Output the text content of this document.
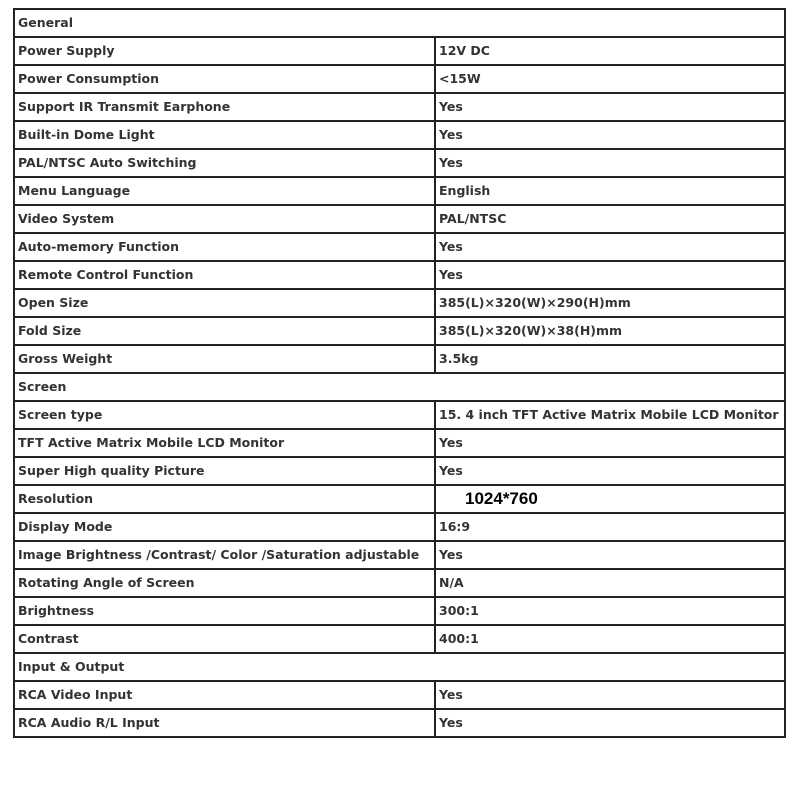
General	
Power Supply	12V DC
Power Consumption	<15W
Support IR Transmit Earphone	Yes
Built-in Dome Light	Yes
PAL/NTSC Auto Switching	Yes
Menu Language	English
Video System	PAL/NTSC
Auto-memory Function	Yes
Remote Control Function	Yes
Open Size	385(L)×320(W)×290(H)mm
Fold Size	385(L)×320(W)×38(H)mm
Gross Weight	3.5kg
Screen	
Screen type	15. 4 inch TFT Active Matrix Mobile LCD Monitor
TFT Active Matrix Mobile LCD Monitor	Yes
Super High quality Picture	Yes
Resolution	1024*760
Display Mode	16:9
Image Brightness /Contrast/ Color /Saturation adjustable	Yes
Rotating Angle of Screen	N/A
Brightness	300:1
Contrast	400:1
Input & Output	
RCA Video Input	Yes
RCA Audio R/L Input	Yes
